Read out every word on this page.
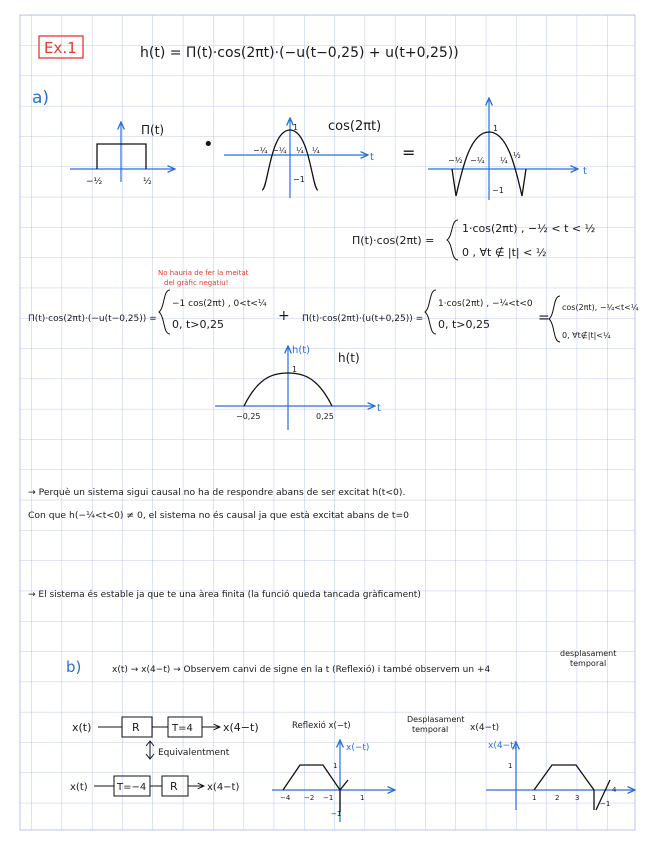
Ex.1	h(t) = Π(t)·cos(2πt)·(−u(t−0,25) + u(t+0,25))
a)
Π(t)
−½	½
•
t
cos(2πt)
−¼ −¼ ¼ ¼
1
−1
=
t
−½ −¼ ¼
½
1
−1
Π(t)·cos(2πt) =
1·cos(2πt) , −½ < t < ½
0 , ∀t ∉ |t| < ½
No hauria de fer la meitat
del gràfic negatiu!
Π(t)·cos(2πt)·(−u(t−0,25)) =
−1 cos(2πt) , 0<t<¼
0, t>0,25
+ Π(t)·cos(2πt)·(u(t+0,25)) =
1·cos(2πt) , −¼<t<0
0, t>0,25	=
cos(2πt), −¼<t<¼
0, ∀t∉|t|<¼
t
h(t)
h(t)
1
−0,25	0,25
→ Perquè un sistema sigui causal no ha de respondre abans de ser excitat h(t<0).
Con que h(−¼<t<0) ≠ 0, el sistema no és causal ja que està excitat abans de t=0
→ El sistema és estable ja que te una àrea finita (la funció queda tancada gràficament)
b)	x(t) → x(4−t) → Observem canvi de signe en la t (Reflexió) i també observem un +4
desplasament
temporal
x(t)	R	T=4	x(4−t)
Equivalentment
x(t)	T=−4 R	x(4−t)
Reflexió x(−t)
x(−t)
−4 −2 −1	1
1
−1
Desplasament
temporal x(4−t)
x(4−t)
1	2 3
4
1
−1
